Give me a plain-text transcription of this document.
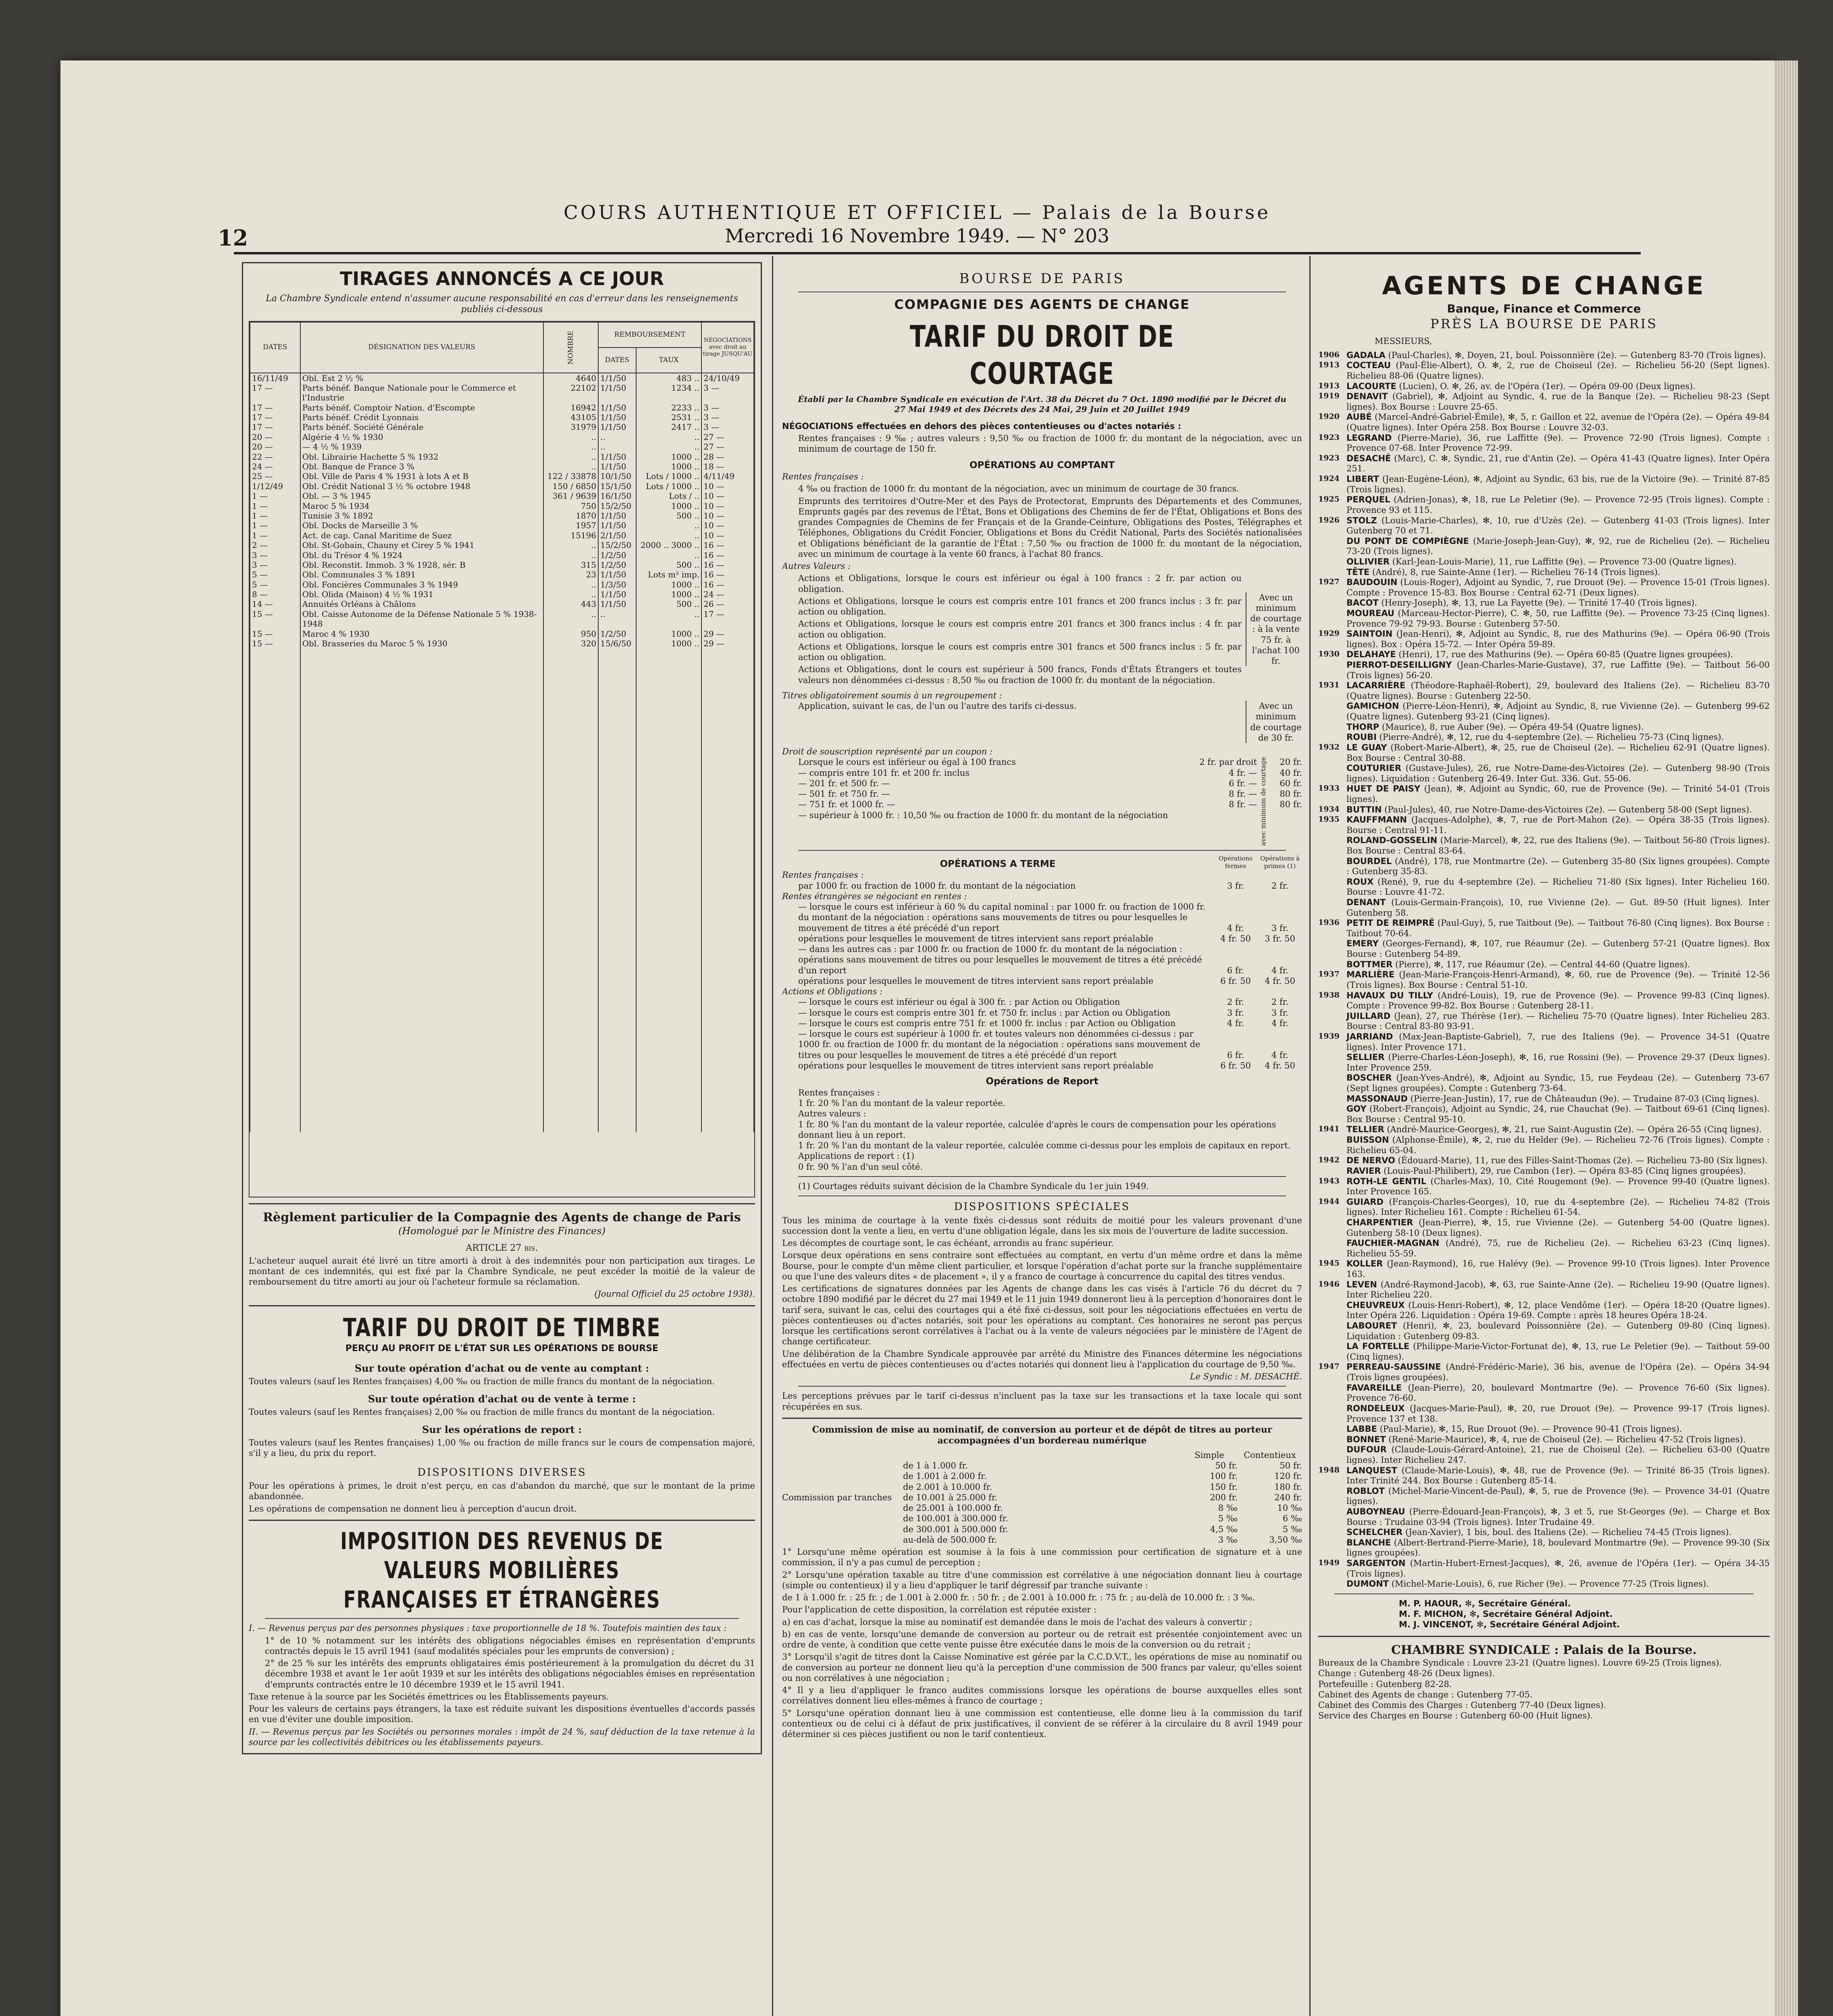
12
COURS AUTHENTIQUE ET OFFICIEL — Palais de la Bourse
Mercredi 16 Novembre 1949. — N° 203
TIRAGES ANNONCÉS A CE JOUR
La Chambre Syndicale entend n'assumer aucune responsabilité en cas d'erreur dans les renseignements publiés ci-dessous
DATES	DÉSIGNATION DES VALEURS	NOMBRE	REMBOURSEMENT		NÉGOCIATIONS avec droit au tirage JUSQU'AU
			DATES	TAUX	
16/11/49	Obl. Est 2 ½ %	4640	1/1/50	483 ..	24/10/49
17 —	Parts bénéf. Banque Nationale pour le Commerce et l'Industrie	22102	1/1/50	1234 ..	3 —
17 —	Parts bénéf. Comptoir Nation. d'Escompte	16942	1/1/50	2233 ..	3 —
17 —	Parts bénéf. Crédit Lyonnais	43105	1/1/50	2531 ..	3 —
17 —	Parts bénéf. Société Générale	31979	1/1/50	2417 ..	3 —
20 —	Algérie 4 ½ % 1930	..	..	..	27 —
20 —	— 4 ½ % 1939	..	..	..	27 —
22 —	Obl. Librairie Hachette 5 % 1932	..	1/1/50	1000 ..	28 —
24 —	Obl. Banque de France 3 %	..	1/1/50	1000 ..	18 —
25 —	Obl. Ville de Paris 4 % 1931 à lots A et B	122 / 33878	10/1/50	Lots / 1000 ..	4/11/49
1/12/49	Obl. Crédit National 3 ½ % octobre 1948	150 / 6850	15/1/50	Lots / 1000 ..	10 —
1 —	Obl. — 3 % 1945	361 / 9639	16/1/50	Lots / ..	10 —
1 —	Maroc 5 % 1934	750	15/2/50	1000 ..	10 —
1 —	Tunisie 3 % 1892	1870	1/1/50	500 ..	10 —
1 —	Obl. Docks de Marseille 3 %	1957	1/1/50	..	10 —
1 —	Act. de cap. Canal Maritime de Suez	15196	2/1/50	..	10 —
2 —	Obl. St-Gobain, Chauny et Cirey 5 % 1941	..	15/2/50	2000 .. 3000 ..	16 —
3 —	Obl. du Trésor 4 % 1924	..	1/2/50	..	16 —
3 —	Obl. Reconstit. Immob. 3 % 1928, sér. B	315	1/2/50	500 ..	16 —
5 —	Obl. Communales 3 % 1891	23	1/1/50	Lots m² imp.	16 —
5 —	Obl. Foncières Communales 3 % 1949	..	1/3/50	1000 ..	16 —
8 —	Obl. Olida (Maison) 4 ½ % 1931	..	1/1/50	1000 ..	24 —
14 —	Annuités Orléans à Châlons	443	1/1/50	500 ..	26 —
15 —	Obl. Caisse Autonome de la Défense Nationale 5 % 1938-1948	..	..	..	17 —
15 —	Maroc 4 % 1930	950	1/2/50	1000 ..	29 —
15 —	Obl. Brasseries du Maroc 5 % 1930	320	15/6/50	1000 ..	29 —

Règlement particulier de la Compagnie des Agents de change de Paris
(Homologué par le Ministre des Finances)
ARTICLE 27 bis.

L'acheteur auquel aurait été livré un titre amorti à droit à des indemnités pour non participation aux tirages. Le montant de ces indemnités, qui est fixé par la Chambre Syndicale, ne peut excéder la moitié de la valeur de remboursement du titre amorti au jour où l'acheteur formule sa réclamation.

(Journal Officiel du 25 octobre 1938).
TARIF DU DROIT DE TIMBRE
PERÇU AU PROFIT DE L'ÉTAT SUR LES OPÉRATIONS DE BOURSE
Sur toute opération d'achat ou de vente au comptant :

Toutes valeurs (sauf les Rentes françaises) 4,00 ‰ ou fraction de mille francs du montant de la négociation.

Sur toute opération d'achat ou de vente à terme :

Toutes valeurs (sauf les Rentes françaises) 2,00 ‰ ou fraction de mille francs du montant de la négociation.

Sur les opérations de report :

Toutes valeurs (sauf les Rentes françaises) 1,00 ‰ ou fraction de mille francs sur le cours de compensation majoré, s'il y a lieu, du prix du report.

DISPOSITIONS DIVERSES

Pour les opérations à primes, le droit n'est perçu, en cas d'abandon du marché, que sur le montant de la prime abandonnée.

Les opérations de compensation ne donnent lieu à perception d'aucun droit.

IMPOSITION DES REVENUS DE VALEURS MOBILIÈRES
FRANÇAISES ET ÉTRANGÈRES

I. — Revenus perçus par des personnes physiques : taxe proportionnelle de 18 %. Toutefois maintien des taux :

1° de 10 % notamment sur les intérêts des obligations négociables émises en représentation d'emprunts contractés depuis le 15 avril 1941 (sauf modalités spéciales pour les emprunts de conversion) ;

2° de 25 % sur les intérêts des emprunts obligataires émis postérieurement à la promulgation du décret du 31 décembre 1938 et avant le 1er août 1939 et sur les intérêts des obligations négociables émises en représentation d'emprunts contractés entre le 10 décembre 1939 et le 15 avril 1941.

Taxe retenue à la source par les Sociétés émettrices ou les Établissements payeurs.

Pour les valeurs de certains pays étrangers, la taxe est réduite suivant les dispositions éventuelles d'accords passés en vue d'éviter une double imposition.

II. — Revenus perçus par les Sociétés ou personnes morales : impôt de 24 %, sauf déduction de la taxe retenue à la source par les collectivités débitrices ou les établissements payeurs.

BOURSE DE PARIS
COMPAGNIE DES AGENTS DE CHANGE
TARIF DU DROIT DE COURTAGE
Établi par la Chambre Syndicale en exécution de l'Art. 38 du Décret du 7 Oct. 1890 modifié par le Décret du 27 Mai 1949 et des Décrets des 24 Mai, 29 Juin et 20 Juillet 1949

NÉGOCIATIONS effectuées en dehors des pièces contentieuses ou d'actes notariés :

Rentes françaises : 9 ‰ ; autres valeurs : 9,50 ‰ ou fraction de 1000 fr. du montant de la négociation, avec un minimum de courtage de 150 fr.

OPÉRATIONS AU COMPTANT
Rentes françaises :

4 ‰ ou fraction de 1000 fr. du montant de la négociation, avec un minimum de courtage de 30 francs.

Emprunts des territoires d'Outre-Mer et des Pays de Protectorat, Emprunts des Départements et des Communes, Emprunts gagés par des revenus de l'État, Bons et Obligations des Chemins de fer de l'État, Obligations et Bons des grandes Compagnies de Chemins de fer Français et de la Grande-Ceinture, Obligations des Postes, Télégraphes et Téléphones, Obligations du Crédit Foncier, Obligations et Bons du Crédit National, Parts des Sociétés nationalisées et Obligations bénéficiant de la garantie de l'État : 7,50 ‰ ou fraction de 1000 fr. du montant de la négociation, avec un minimum de courtage à la vente 60 francs, à l'achat 80 francs.

Autres Valeurs :

Actions et Obligations, lorsque le cours est inférieur ou égal à 100 francs : 2 fr. par action ou obligation.

Actions et Obligations, lorsque le cours est compris entre 101 francs et 200 francs inclus : 3 fr. par action ou obligation.

Actions et Obligations, lorsque le cours est compris entre 201 francs et 300 francs inclus : 4 fr. par action ou obligation.

Actions et Obligations, lorsque le cours est compris entre 301 francs et 500 francs inclus : 5 fr. par action ou obligation.

Actions et Obligations, dont le cours est supérieur à 500 francs, Fonds d'États Étrangers et toutes valeurs non dénommées ci-dessus : 8,50 ‰ ou fraction de 1000 fr. du montant de la négociation.

Avec un minimum de courtage : à la vente 75 fr. à l'achat 100 fr.
Titres obligatoirement soumis à un regroupement :
Application, suivant le cas, de l'un ou l'autre des tarifs ci-dessus.	Avec un minimum de courtage de 30 fr.
Droit de souscription représenté par un coupon :
Lorsque le cours est inférieur ou égal à 100 francs	2 fr. par droit
— compris entre 101 fr. et 200 fr. inclus	4 fr. —
— 201 fr. et 500 fr. —	6 fr. —
— 501 fr. et 750 fr. —	8 fr. —
— 751 fr. et 1000 fr. —	8 fr. —
— supérieur à 1000 fr. : 10,50 ‰ ou fraction de 1000 fr. du montant de la négociation	avec minimum de courtage	20 fr.
40 fr.
60 fr.
80 fr.
80 fr.
OPÉRATIONS A TERME
Opérations fermes
Opérations à primes (1)
Rentes françaises :
par 1000 fr. ou fraction de 1000 fr. du montant de la négociation	3 fr.	2 fr.
Rentes étrangères se négociant en rentes :
— lorsque le cours est inférieur à 60 % du capital nominal : par 1000 fr. ou fraction de 1000 fr. du montant de la négociation : opérations sans mouvements de titres ou pour lesquelles le mouvement de titres a été précédé d'un report	4 fr.	3 fr.
opérations pour lesquelles le mouvement de titres intervient sans report préalable	4 fr. 50	3 fr. 50
— dans les autres cas : par 1000 fr. ou fraction de 1000 fr. du montant de la négociation : opérations sans mouvement de titres ou pour lesquelles le mouvement de titres a été précédé d'un report	6 fr.	4 fr.
opérations pour lesquelles le mouvement de titres intervient sans report préalable	6 fr. 50	4 fr. 50
Actions et Obligations :
— lorsque le cours est inférieur ou égal à 300 fr. : par Action ou Obligation	2 fr.	2 fr.
— lorsque le cours est compris entre 301 fr. et 750 fr. inclus : par Action ou Obligation	3 fr.	3 fr.
— lorsque le cours est compris entre 751 fr. et 1000 fr. inclus : par Action ou Obligation	4 fr.	4 fr.
— lorsque le cours est supérieur à 1000 fr. et toutes valeurs non dénommées ci-dessus : par 1000 fr. ou fraction de 1000 fr. du montant de la négociation : opérations sans mouvement de titres ou pour lesquelles le mouvement de titres a été précédé d'un report	6 fr.	4 fr.
opérations pour lesquelles le mouvement de titres intervient sans report préalable	6 fr. 50	4 fr. 50
Opérations de Report
Rentes françaises :
1 fr. 20 % l'an du montant de la valeur reportée.
Autres valeurs :
1 fr. 80 % l'an du montant de la valeur reportée, calculée d'après le cours de compensation pour les opérations donnant lieu à un report.
1 fr. 20 % l'an du montant de la valeur reportée, calculée comme ci-dessus pour les emplois de capitaux en report.
Applications de report : (1)
0 fr. 90 % l'an d'un seul côté.

(1) Courtages réduits suivant décision de la Chambre Syndicale du 1er juin 1949.

DISPOSITIONS SPÉCIALES

Tous les minima de courtage à la vente fixés ci-dessus sont réduits de moitié pour les valeurs provenant d'une succession dont la vente a lieu, en vertu d'une obligation légale, dans les six mois de l'ouverture de ladite succession.

Les décomptes de courtage sont, le cas échéant, arrondis au franc supérieur.

Lorsque deux opérations en sens contraire sont effectuées au comptant, en vertu d'un même ordre et dans la même Bourse, pour le compte d'un même client particulier, et lorsque l'opération d'achat porte sur la franche supplémentaire ou que l'une des valeurs dites « de placement », il y a franco de courtage à concurrence du capital des titres vendus.

Les certifications de signatures données par les Agents de change dans les cas visés à l'article 76 du décret du 7 octobre 1890 modifié par le décret du 27 mai 1949 et le 11 juin 1949 donneront lieu à la perception d'honoraires dont le tarif sera, suivant le cas, celui des courtages qui a été fixé ci-dessus, soit pour les négociations effectuées en vertu de pièces contentieuses ou d'actes notariés, soit pour les opérations au comptant. Ces honoraires ne seront pas perçus lorsque les certifications seront corrélatives à l'achat ou à la vente de valeurs négociées par le ministère de l'Agent de change certificateur.

Une délibération de la Chambre Syndicale approuvée par arrêté du Ministre des Finances détermine les négociations effectuées en vertu de pièces contentieuses ou d'actes notariés qui donnent lieu à l'application du courtage de 9,50 ‰.

Le Syndic : M. DESACHÉ.

Les perceptions prévues par le tarif ci-dessus n'incluent pas la taxe sur les transactions et la taxe locale qui sont récupérées en sus.

Commission de mise au nominatif, de conversion au porteur et de dépôt de titres au porteur accompagnées d'un bordereau numérique
Commission par tranches
Simple	Contentieux
de 1 à 1.000 fr.	50 fr.	50 fr.
de 1.001 à 2.000 fr.	100 fr.	120 fr.
de 2.001 à 10.000 fr.	150 fr.	180 fr.
de 10.001 à 25.000 fr.	200 fr.	240 fr.
de 25.001 à 100.000 fr.	8 ‰	10 ‰
de 100.001 à 300.000 fr.	5 ‰	6 ‰
de 300.001 à 500.000 fr.	4,5 ‰	5 ‰
au-delà de 500.000 fr.	3 ‰	3,50 ‰

1° Lorsqu'une même opération est soumise à la fois à une commission pour certification de signature et à une commission, il n'y a pas cumul de perception ;

2° Lorsqu'une opération taxable au titre d'une commission est corrélative à une négociation donnant lieu à courtage (simple ou contentieux) il y a lieu d'appliquer le tarif dégressif par tranche suivante :

de 1 à 1.000 fr. : 25 fr. ; de 1.001 à 2.000 fr. : 50 fr. ; de 2.001 à 10.000 fr. : 75 fr. ; au-delà de 10.000 fr. : 3 ‰.

Pour l'application de cette disposition, la corrélation est réputée exister :

a) en cas d'achat, lorsque la mise au nominatif est demandée dans le mois de l'achat des valeurs à convertir ;

b) en cas de vente, lorsqu'une demande de conversion au porteur ou de retrait est présentée conjointement avec un ordre de vente, à condition que cette vente puisse être exécutée dans le mois de la conversion ou du retrait ;

3° Lorsqu'il s'agit de titres dont la Caisse Nominative est gérée par la C.C.D.V.T., les opérations de mise au nominatif ou de conversion au porteur ne donnent lieu qu'à la perception d'une commission de 500 francs par valeur, qu'elles soient ou non corrélatives à une négociation ;

4° Il y a lieu d'appliquer le franco audites commissions lorsque les opérations de bourse auxquelles elles sont corrélatives donnent lieu elles-mêmes à franco de courtage ;

5° Lorsqu'une opération donnant lieu à une commission est contentieuse, elle donne lieu à la commission du tarif contentieux ou de celui ci à défaut de prix justificatives, il convient de se référer à la circulaire du 8 avril 1949 pour déterminer si ces pièces justifient ou non le tarif contentieux.

AGENTS DE CHANGE
Banque, Finance et Commerce
PRÈS LA BOURSE DE PARIS
MESSIEURS,
1906 GADALA (Paul-Charles), ✻, Doyen, 21, boul. Poissonnière (2e). — Gutenberg 83-70 (Trois lignes).
1913 COCTEAU (Paul-Élie-Albert), O. ✻, 2, rue de Choiseul (2e). — Richelieu 56-20 (Sept lignes). Richelieu 88-06 (Quatre lignes).
1913 LACOURTE (Lucien), O. ✻, 26, av. de l'Opéra (1er). — Opéra 09-00 (Deux lignes).
1919 DENAVIT (Gabriel), ✻, Adjoint au Syndic, 4, rue de la Banque (2e). — Richelieu 98-23 (Sept lignes). Box Bourse : Louvre 25-65.
1920 AUBÉ (Marcel-André-Gabriel-Émile), ✻, 5, r. Gaillon et 22, avenue de l'Opéra (2e). — Opéra 49-84 (Quatre lignes). Inter Opéra 258. Box Bourse : Louvre 32-03.
1923 LEGRAND (Pierre-Marie), 36, rue Laffitte (9e). — Provence 72-90 (Trois lignes). Compte : Provence 07-68. Inter Provence 72-99.
1923 DESACHÉ (Marc), C. ✻, Syndic, 21, rue d'Antin (2e). — Opéra 41-43 (Quatre lignes). Inter Opéra 251.
1924 LIBERT (Jean-Eugène-Léon), ✻, Adjoint au Syndic, 63 bis, rue de la Victoire (9e). — Trinité 87-85 (Trois lignes).
1925 PERQUEL (Adrien-Jonas), ✻, 18, rue Le Peletier (9e). — Provence 72-95 (Trois lignes). Compte : Provence 93 et 115.
1926 STOLZ (Louis-Marie-Charles), ✻, 10, rue d'Uzès (2e). — Gutenberg 41-03 (Trois lignes). Inter Gutenberg 70 et 71.
DU PONT DE COMPIÈGNE (Marie-Joseph-Jean-Guy), ✻, 92, rue de Richelieu (2e). — Richelieu 73-20 (Trois lignes).
OLLIVIER (Karl-Jean-Louis-Marie), 11, rue Laffitte (9e). — Provence 73-00 (Quatre lignes).
TÊTE (André), 8, rue Sainte-Anne (1er). — Richelieu 76-14 (Trois lignes).
1927 BAUDOUIN (Louis-Roger), Adjoint au Syndic, 7, rue Drouot (9e). — Provence 15-01 (Trois lignes). Compte : Provence 15-83. Box Bourse : Central 62-71 (Deux lignes).
BACOT (Henry-Joseph), ✻, 13, rue La Fayette (9e). — Trinité 17-40 (Trois lignes).
MOUREAU (Marceau-Hector-Pierre), C. ✻, 50, rue Laffitte (9e). — Provence 73-25 (Cinq lignes). Provence 79-92 79-93. Bourse : Gutenberg 57-50.
1929 SAINTOIN (Jean-Henri), ✻, Adjoint au Syndic, 8, rue des Mathurins (9e). — Opéra 06-90 (Trois lignes). Box : Opéra 15-72. — Inter Opéra 59-89.
1930 DELAHAYE (Henri), 17, rue des Mathurins (9e). — Opéra 60-85 (Quatre lignes groupées).
PIERROT-DESEILLIGNY (Jean-Charles-Marie-Gustave), 37, rue Laffitte (9e). — Taitbout 56-00 (Trois lignes) 56-20.
1931 LACARRIÈRE (Théodore-Raphaël-Robert), 29, boulevard des Italiens (2e). — Richelieu 83-70 (Quatre lignes). Bourse : Gutenberg 22-50.
GAMICHON (Pierre-Léon-Henri), ✻, Adjoint au Syndic, 8, rue Vivienne (2e). — Gutenberg 99-62 (Quatre lignes). Gutenberg 93-21 (Cinq lignes).
THORP (Maurice), 8, rue Auber (9e). — Opéra 49-54 (Quatre lignes).
ROUBI (Pierre-André), ✻, 12, rue du 4-septembre (2e). — Richelieu 75-73 (Cinq lignes).
1932 LE GUAY (Robert-Marie-Albert), ✻, 25, rue de Choiseul (2e). — Richelieu 62-91 (Quatre lignes). Box Bourse : Central 30-88.
COUTURIER (Gustave-Jules), 26, rue Notre-Dame-des-Victoires (2e). — Gutenberg 98-90 (Trois lignes). Liquidation : Gutenberg 26-49. Inter Gut. 336. Gut. 55-06.
1933 HUET DE PAISY (Jean), ✻, Adjoint au Syndic, 60, rue de Provence (9e). — Trinité 54-01 (Trois lignes).
1934 BUTTIN (Paul-Jules), 40, rue Notre-Dame-des-Victoires (2e). — Gutenberg 58-00 (Sept lignes).
1935 KAUFFMANN (Jacques-Adolphe), ✻, 7, rue de Port-Mahon (2e). — Opéra 38-35 (Trois lignes). Bourse : Central 91-11.
ROLAND-GOSSELIN (Marie-Marcel), ✻, 22, rue des Italiens (9e). — Taitbout 56-80 (Trois lignes). Box Bourse : Central 83-64.
BOURDEL (André), 178, rue Montmartre (2e). — Gutenberg 35-80 (Six lignes groupées). Compte : Gutenberg 35-83.
ROUX (René), 9, rue du 4-septembre (2e). — Richelieu 71-80 (Six lignes). Inter Richelieu 160. Bourse : Louvre 41-72.
DENANT (Louis-Germain-François), 10, rue Vivienne (2e). — Gut. 89-50 (Huit lignes). Inter Gutenberg 58.
1936 PETIT DE REIMPRÉ (Paul-Guy), 5, rue Taitbout (9e). — Taitbout 76-80 (Cinq lignes). Box Bourse : Taitbout 70-64.
EMERY (Georges-Fernand), ✻, 107, rue Réaumur (2e). — Gutenberg 57-21 (Quatre lignes). Box Bourse : Gutenberg 54-89.
BOTTMER (Pierre), ✻, 117, rue Réaumur (2e). — Central 44-60 (Quatre lignes).
1937 MARLIÈRE (Jean-Marie-François-Henri-Armand), ✻, 60, rue de Provence (9e). — Trinité 12-56 (Trois lignes). Box Bourse : Central 51-10.
1938 HAVAUX DU TILLY (André-Louis), 19, rue de Provence (9e). — Provence 99-83 (Cinq lignes). Compte : Provence 99-82. Box Bourse : Gutenberg 28-11.
JUILLARD (Jean), 27, rue Thérèse (1er). — Richelieu 75-70 (Quatre lignes). Inter Richelieu 283. Bourse : Central 83-80 93-91.
1939 JARRIAND (Max-Jean-Baptiste-Gabriel), 7, rue des Italiens (9e). — Provence 34-51 (Quatre lignes). Inter Provence 171.
SELLIER (Pierre-Charles-Léon-Joseph), ✻, 16, rue Rossini (9e). — Provence 29-37 (Deux lignes). Inter Provence 259.
BOSCHER (Jean-Yves-André), ✻, Adjoint au Syndic, 15, rue Feydeau (2e). — Gutenberg 73-67 (Sept lignes groupées). Compte : Gutenberg 73-64.
MASSONAUD (Pierre-Jean-Justin), 17, rue de Châteaudun (9e). — Trudaine 87-03 (Cinq lignes).
GOY (Robert-François), Adjoint au Syndic, 24, rue Chauchat (9e). — Taitbout 69-61 (Cinq lignes). Box Bourse : Central 95-10.
1941 TELLIER (André-Maurice-Georges), ✻, 21, rue Saint-Augustin (2e). — Opéra 26-55 (Cinq lignes).
BUISSON (Alphonse-Émile), ✻, 2, rue du Helder (9e). — Richelieu 72-76 (Trois lignes). Compte : Richelieu 65-04.
1942 DE NERVO (Édouard-Marie), 11, rue des Filles-Saint-Thomas (2e). — Richelieu 73-80 (Six lignes).
RAVIER (Louis-Paul-Philibert), 29, rue Cambon (1er). — Opéra 83-85 (Cinq lignes groupées).
1943 ROTH-LE GENTIL (Charles-Max), 10, Cité Rougemont (9e). — Provence 99-40 (Quatre lignes). Inter Provence 165.
1944 GUIARD (François-Charles-Georges), 10, rue du 4-septembre (2e). — Richelieu 74-82 (Trois lignes). Inter Richelieu 161. Compte : Richelieu 61-54.
CHARPENTIER (Jean-Pierre), ✻, 15, rue Vivienne (2e). — Gutenberg 54-00 (Quatre lignes). Gutenberg 58-10 (Deux lignes).
FAUCHIER-MAGNAN (André), 75, rue de Richelieu (2e). — Richelieu 63-23 (Cinq lignes). Richelieu 55-59.
1945 KOLLER (Jean-Raymond), 16, rue Halévy (9e). — Provence 99-10 (Trois lignes). Inter Provence 163.
1946 LEVEN (André-Raymond-Jacob), ✻, 63, rue Sainte-Anne (2e). — Richelieu 19-90 (Quatre lignes). Inter Richelieu 220.
CHEUVREUX (Louis-Henri-Robert), ✻, 12, place Vendôme (1er). — Opéra 18-20 (Quatre lignes). Inter Opéra 226. Liquidation : Opéra 19-69. Compte : après 18 heures Opéra 18-24.
LABOURET (Henri), ✻, 23, boulevard Poissonnière (2e). — Gutenberg 09-80 (Cinq lignes). Liquidation : Gutenberg 09-83.
LA FORTELLE (Philippe-Marie-Victor-Fortunat de), ✻, 13, rue Le Peletier (9e). — Taitbout 59-00 (Cinq lignes).
1947 PERREAU-SAUSSINE (André-Frédéric-Marie), 36 bis, avenue de l'Opéra (2e). — Opéra 34-94 (Trois lignes groupées).
FAVAREILLE (Jean-Pierre), 20, boulevard Montmartre (9e). — Provence 76-60 (Six lignes). Provence 76-60.
RONDELEUX (Jacques-Marie-Paul), ✻, 20, rue Drouot (9e). — Provence 99-17 (Trois lignes). Provence 137 et 138.
LABBE (Paul-Marie), ✻, 15, Rue Drouot (9e). — Provence 90-41 (Trois lignes).
BONNET (René-Marie-Maurice), ✻, 4, rue de Choiseul (2e). — Richelieu 47-52 (Trois lignes).
DUFOUR (Claude-Louis-Gérard-Antoine), 21, rue de Choiseul (2e). — Richelieu 63-00 (Quatre lignes). Inter Richelieu 247.
1948 LANQUEST (Claude-Marie-Louis), ✻, 48, rue de Provence (9e). — Trinité 86-35 (Trois lignes). Inter Trinité 244. Box Bourse : Gutenberg 85-14.
ROBLOT (Michel-Marie-Vincent-de-Paul), ✻, 5, rue de Provence (9e). — Provence 34-01 (Quatre lignes).
AUBOYNEAU (Pierre-Édouard-Jean-François), ✻, 3 et 5, rue St-Georges (9e). — Charge et Box Bourse : Trudaine 03-94 (Trois lignes). Inter Trudaine 49.
SCHELCHER (Jean-Xavier), 1 bis, boul. des Italiens (2e). — Richelieu 74-45 (Trois lignes).
BLANCHE (Albert-Bertrand-Pierre-Marie), 18, boulevard Montmartre (9e). — Provence 99-30 (Six lignes groupées).
1949 SARGENTON (Martin-Hubert-Ernest-Jacques), ✻, 26, avenue de l'Opéra (1er). — Opéra 34-35 (Trois lignes).
DUMONT (Michel-Marie-Louis), 6, rue Richer (9e). — Provence 77-25 (Trois lignes).
M. P. HAOUR, ✻, Secrétaire Général.
M. F. MICHON, ✻, Secrétaire Général Adjoint.
M. J. VINCENOT, ✻, Secrétaire Général Adjoint.
CHAMBRE SYNDICALE : Palais de la Bourse.
Bureaux de la Chambre Syndicale : Louvre 23-21 (Quatre lignes). Louvre 69-25 (Trois lignes).
Change : Gutenberg 48-26 (Deux lignes).
Portefeuille : Gutenberg 82-28.
Cabinet des Agents de change : Gutenberg 77-05.
Cabinet des Commis des Charges : Gutenberg 77-40 (Deux lignes).
Service des Charges en Bourse : Gutenberg 60-00 (Huit lignes).
